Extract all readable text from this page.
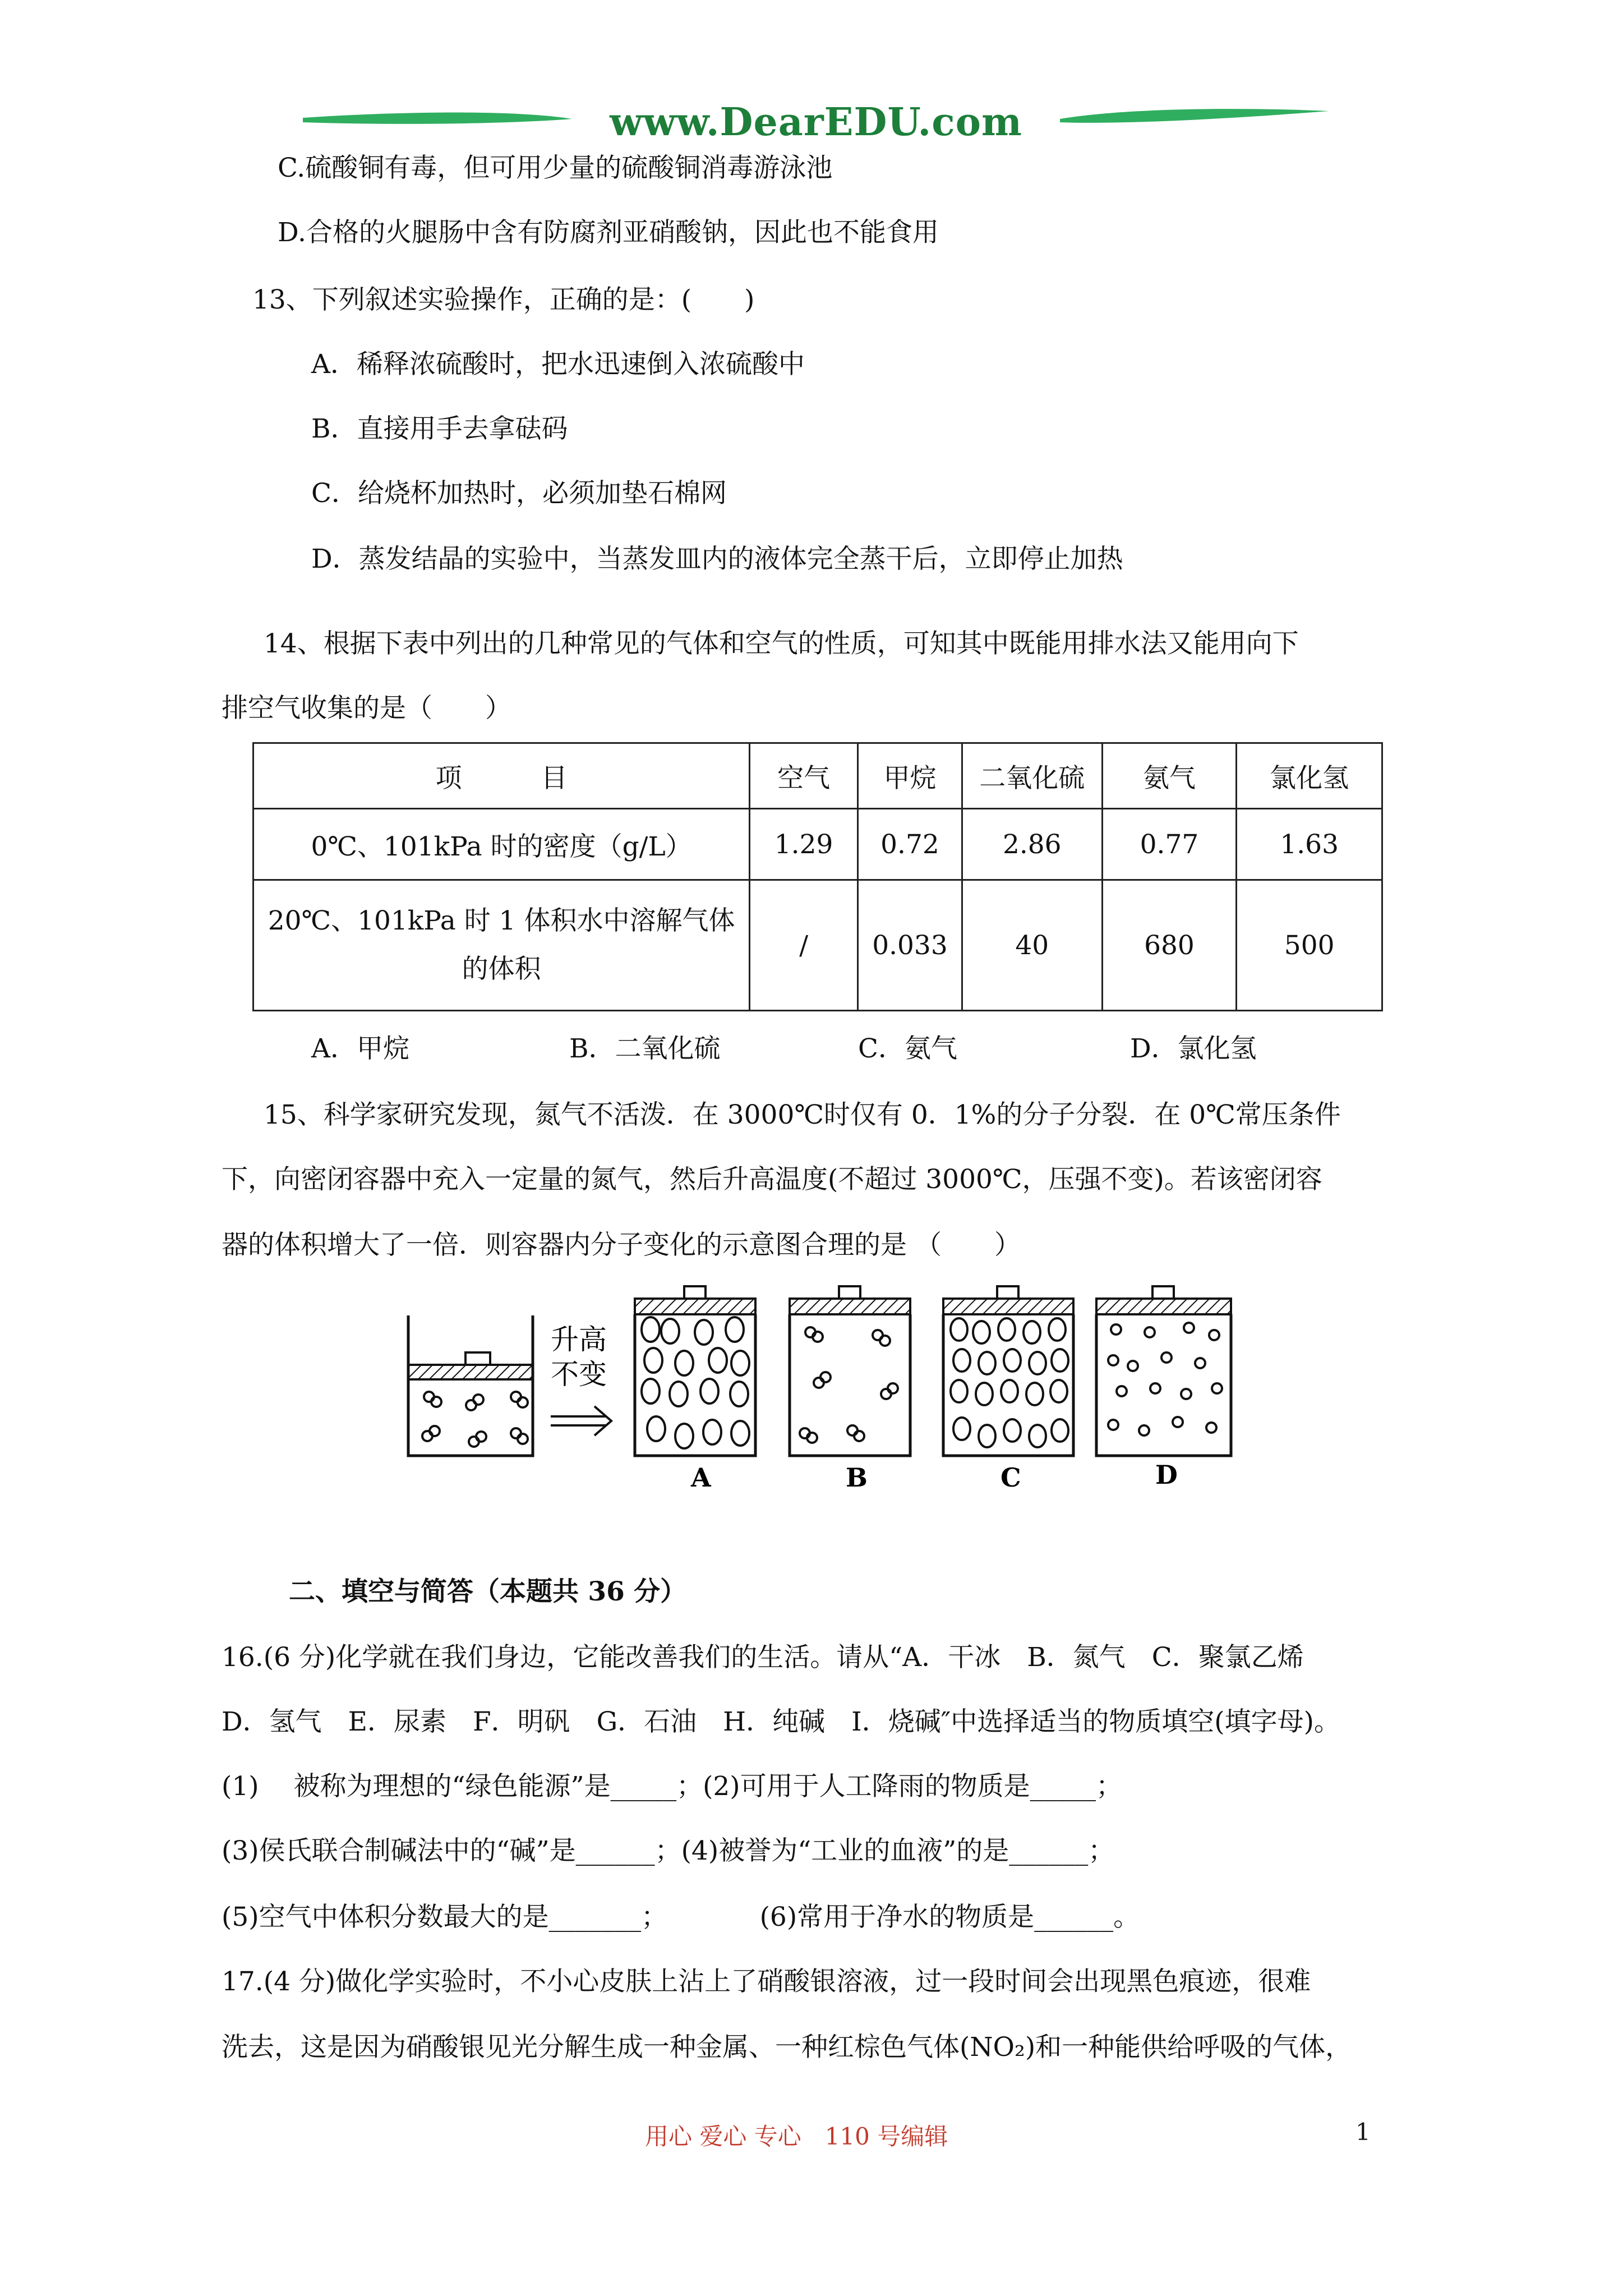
www.DearEDU.com
C.硫酸铜有毒，但可用少量的硫酸铜消毒游泳池
D.合格的火腿肠中含有防腐剂亚硝酸钠，因此也不能食用
13、下列叙述实验操作，正确的是：(　　)
A．稀释浓硫酸时，把水迅速倒入浓硫酸中
B．直接用手去拿砝码
C．给烧杯加热时，必须加垫石棉网
D．蒸发结晶的实验中，当蒸发皿内的液体完全蒸干后，立即停止加热
14、根据下表中列出的几种常见的气体和空气的性质，可知其中既能用排水法又能用向下
排空气收集的是（　　）
项　　　目	空气	甲烷	二氧化硫	氨气	氯化氢
0℃、101kPa 时的密度（g/L）	1.29	0.72	2.86	0.77	1.63
20℃、101kPa 时 1 体积水中溶解气体的体积	/	0.033	40	680	500
A．甲烷	B．二氧化硫	C．氨气	D．氯化氢
15、科学家研究发现，氮气不活泼．在 3000℃时仅有 0．1%的分子分裂．在 0℃常压条件
下，向密闭容器中充入一定量的氮气，然后升高温度(不超过 3000℃，压强不变)。若该密闭容
器的体积增大了一倍．则容器内分子变化的示意图合理的是 （　　）
升高
不变
A	B	C	D
二、填空与简答（本题共 36 分）
16.(6 分)化学就在我们身边，它能改善我们的生活。请从“A．干冰　B．氮气　C．聚氯乙烯
D．氢气　E．尿素　F．明矾　G．石油　H．纯碱　I．烧碱″中选择适当的物质填空(填字母)。
(1)　 被称为理想的“绿色能源”是_____；(2)可用于人工降雨的物质是_____；
(3)侯氏联合制碱法中的“碱”是______；(4)被誉为“工业的血液”的是______；
(5)空气中体积分数最大的是_______；　　　　(6)常用于净水的物质是______。
17.(4 分)做化学实验时，不小心皮肤上沾上了硝酸银溶液，过一段时间会出现黑色痕迹，很难
洗去，这是因为硝酸银见光分解生成一种金属、一种红棕色气体(NO₂)和一种能供给呼吸的气体，
用心 爱心 专心　110 号编辑	1
